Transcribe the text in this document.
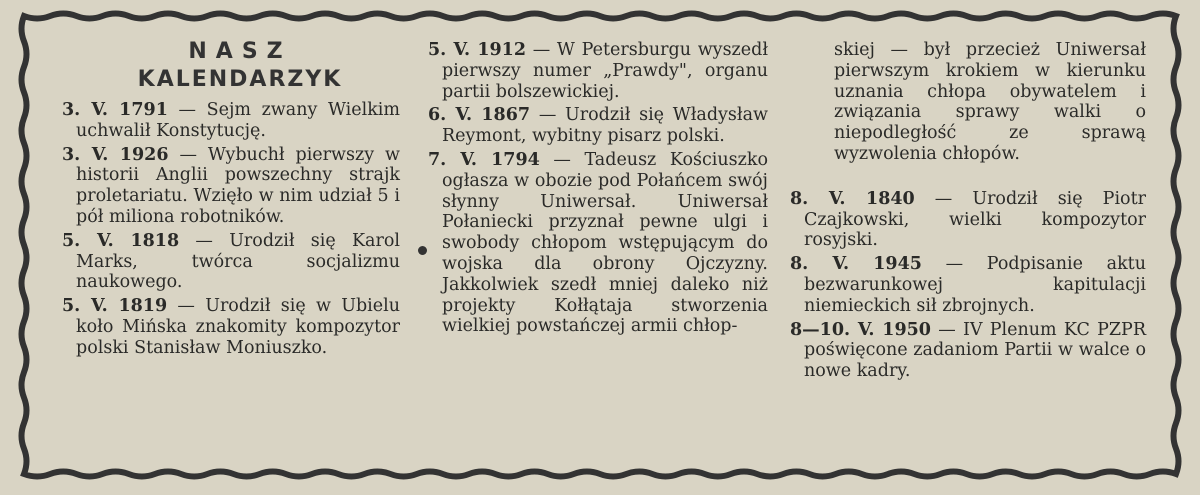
NASZ
KALENDARZYK

3. V. 1791 — Sejm zwany Wielkim uchwalił Konstytucję.

3. V. 1926 — Wybuchł pierwszy w historii Anglii powszechny strajk proletariatu. Wzięło w nim udział 5 i pół miliona robotników.

5. V. 1818 — Urodził się Karol Marks, twórca socjalizmu naukowego.

5. V. 1819 — Urodził się w Ubielu koło Mińska znakomity kompozytor polski Stanisław Moniuszko.

5. V. 1912 — W Petersburgu wyszedł pierwszy numer „Prawdy", organu partii bolszewickiej.

6. V. 1867 — Urodził się Władysław Reymont, wybitny pisarz polski.

7. V. 1794 — Tadeusz Kościuszko ogłasza w obozie pod Połańcem swój słynny Uniwersał. Uniwersał Połaniecki przyznał pewne ulgi i swobody chłopom wstępującym do wojska dla obrony Ojczyzny. Jakkolwiek szedł mniej daleko niż projekty Kołłątaja stworzenia wielkiej powstańczej armii chłop-

skiej — był przecież Uniwersał pierwszym krokiem w kierunku uznania chłopa obywatelem i związania sprawy walki o niepodległość ze sprawą wyzwolenia chłopów.

8. V. 1840 — Urodził się Piotr Czajkowski, wielki kompozytor rosyjski.

8. V. 1945 — Podpisanie aktu bezwarunkowej kapitulacji niemieckich sił zbrojnych.

8—10. V. 1950 — IV Plenum KC PZPR poświęcone zadaniom Partii w walce o nowe kadry.
